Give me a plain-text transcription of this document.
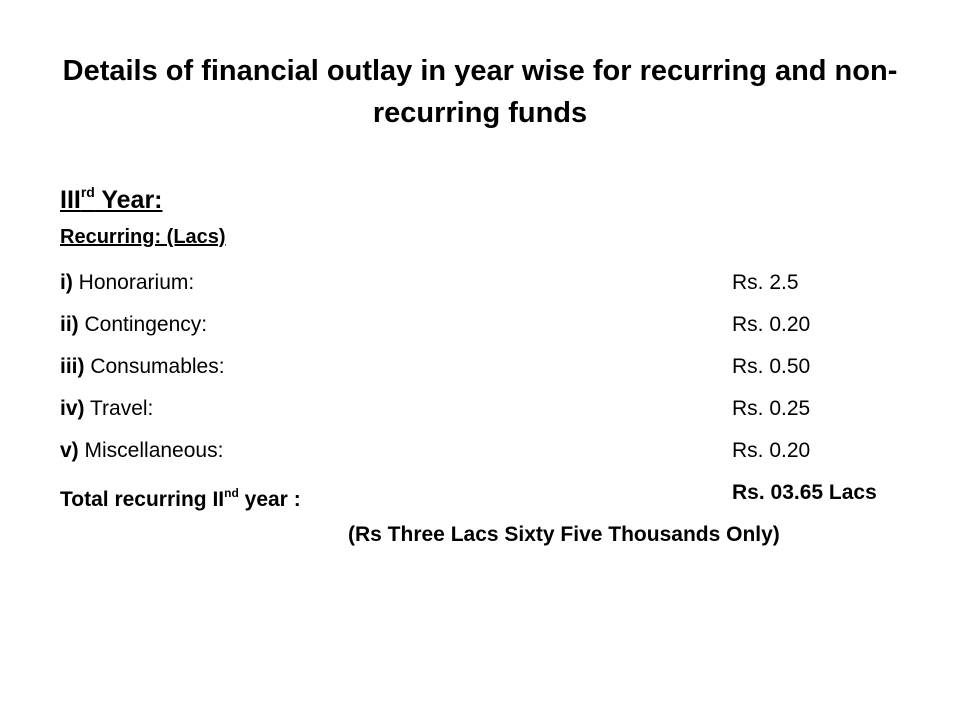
Details of financial outlay in year wise for recurring and non-recurring funds
IIIrd Year:
Recurring: (Lacs)
i) Honorarium:	Rs. 2.5
ii) Contingency:	Rs. 0.20
iii) Consumables:	Rs. 0.50
iv) Travel:	Rs. 0.25
v) Miscellaneous:	Rs. 0.20
Total recurring IInd year :	Rs. 03.65 Lacs
(Rs Three Lacs Sixty Five Thousands Only)
